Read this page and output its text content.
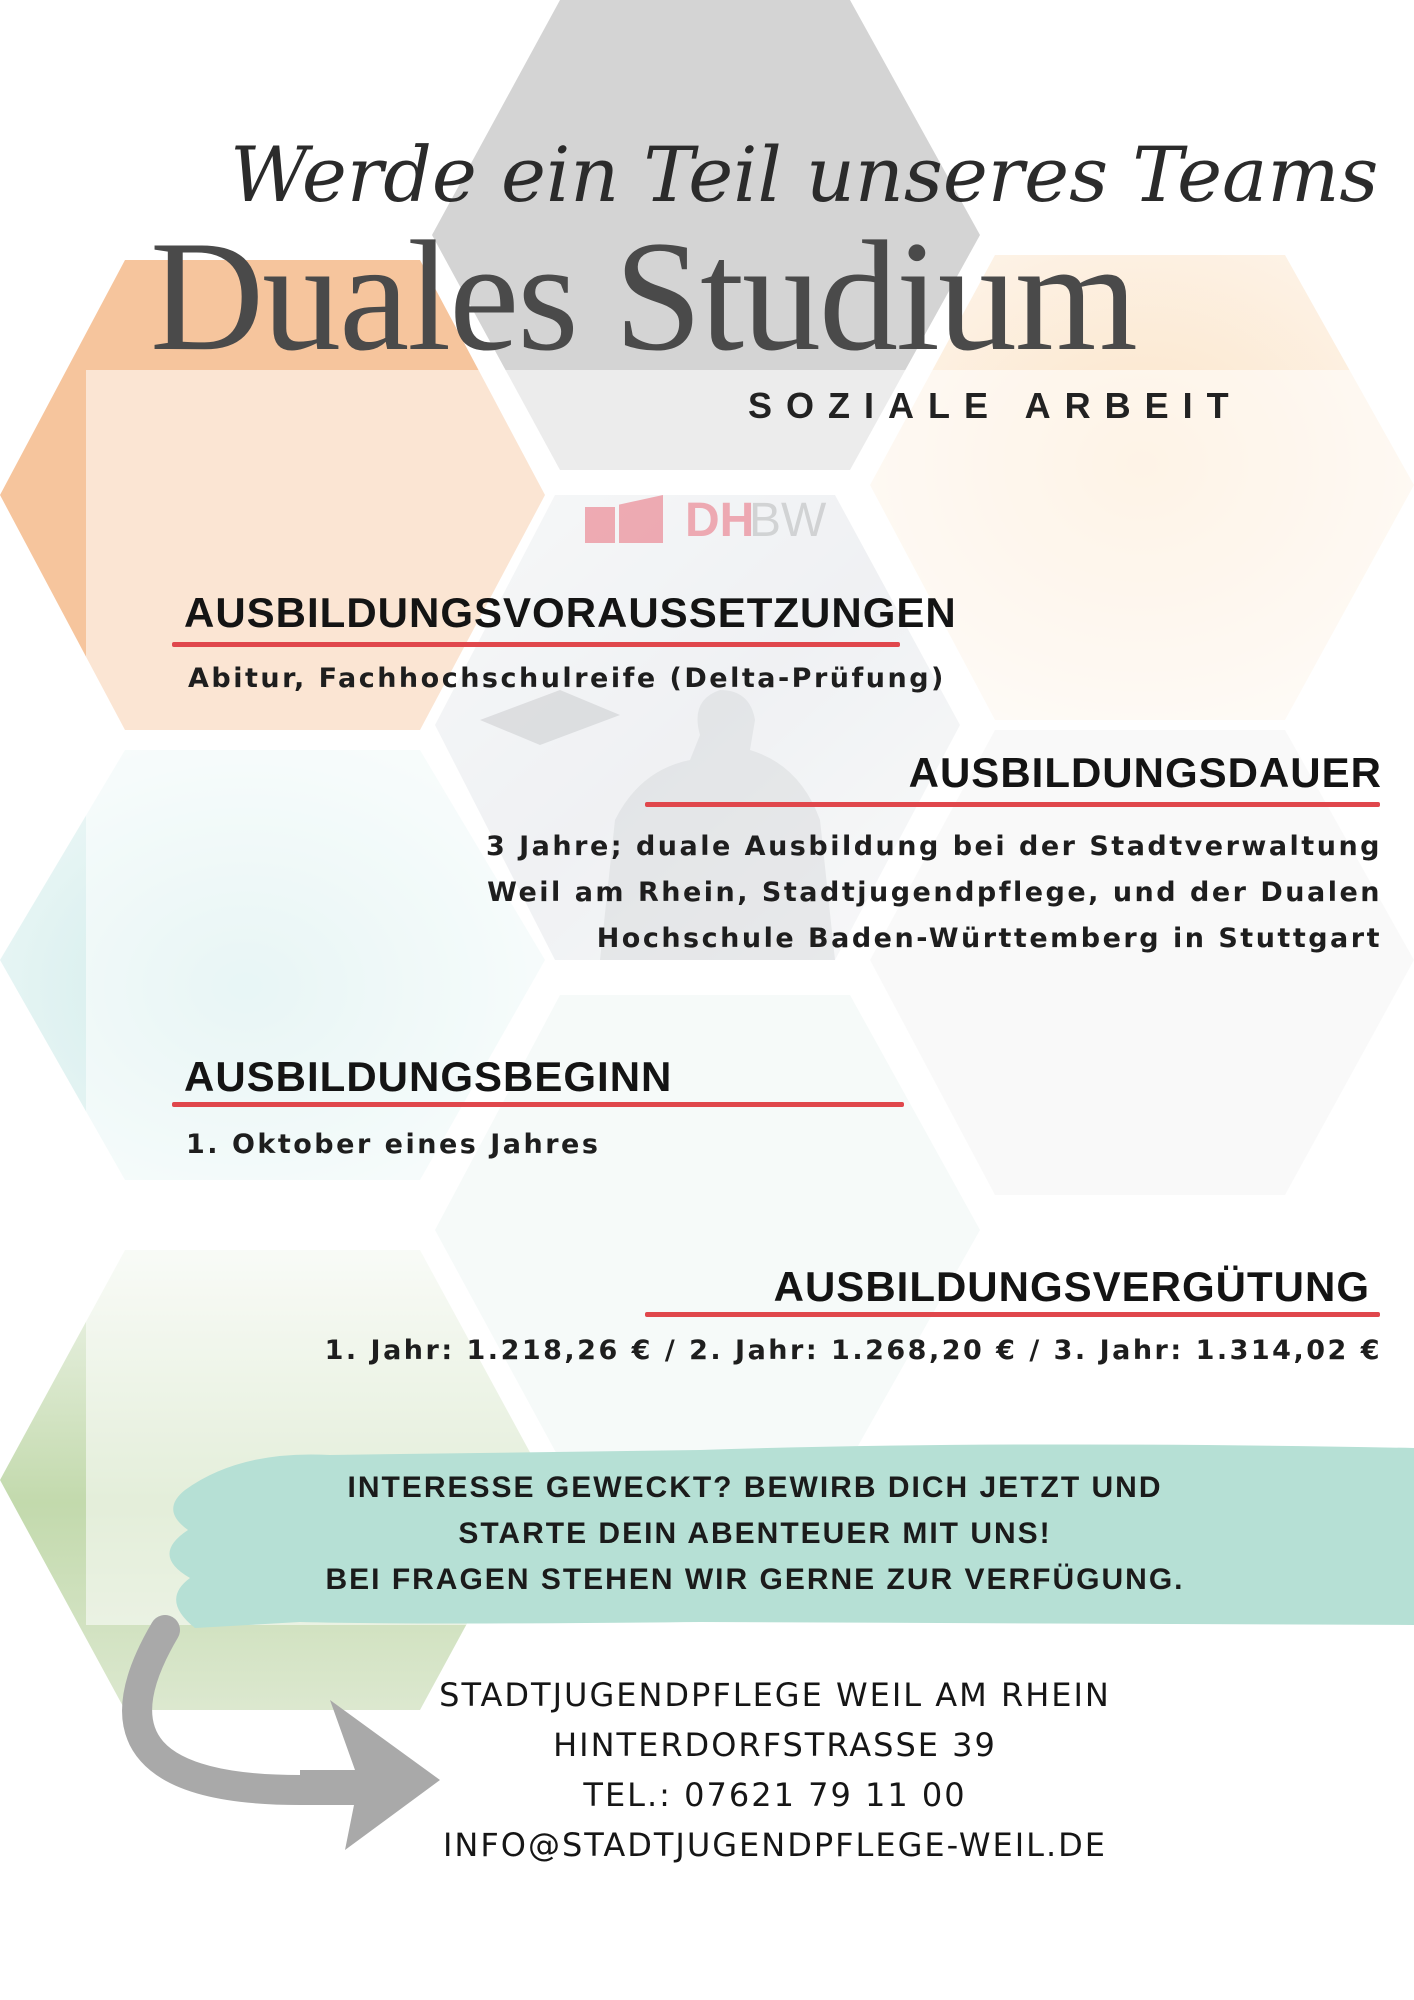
DH
BW
Werde ein Teil unseres Teams
Duales Studium
SOZIALE ARBEIT
AUSBILDUNGSVORAUSSETZUNGEN
Abitur, Fachhochschulreife (Delta-Prüfung)
AUSBILDUNGSDAUER
3 Jahre; duale Ausbildung bei der Stadtverwaltung
Weil am Rhein, Stadtjugendpflege, und der Dualen
Hochschule Baden-Württemberg in Stuttgart
AUSBILDUNGSBEGINN
1. Oktober eines Jahres
AUSBILDUNGSVERGÜTUNG
1. Jahr: 1.218,26 € / 2. Jahr: 1.268,20 € / 3. Jahr: 1.314,02 €
INTERESSE GEWECKT? BEWIRB DICH JETZT UND
STARTE DEIN ABENTEUER MIT UNS!
BEI FRAGEN STEHEN WIR GERNE ZUR VERFÜGUNG.
STADTJUGENDPFLEGE WEIL AM RHEIN
HINTERDORFSTRASSE 39
TEL.: 07621 79 11 00
INFO@STADTJUGENDPFLEGE-WEIL.DE
